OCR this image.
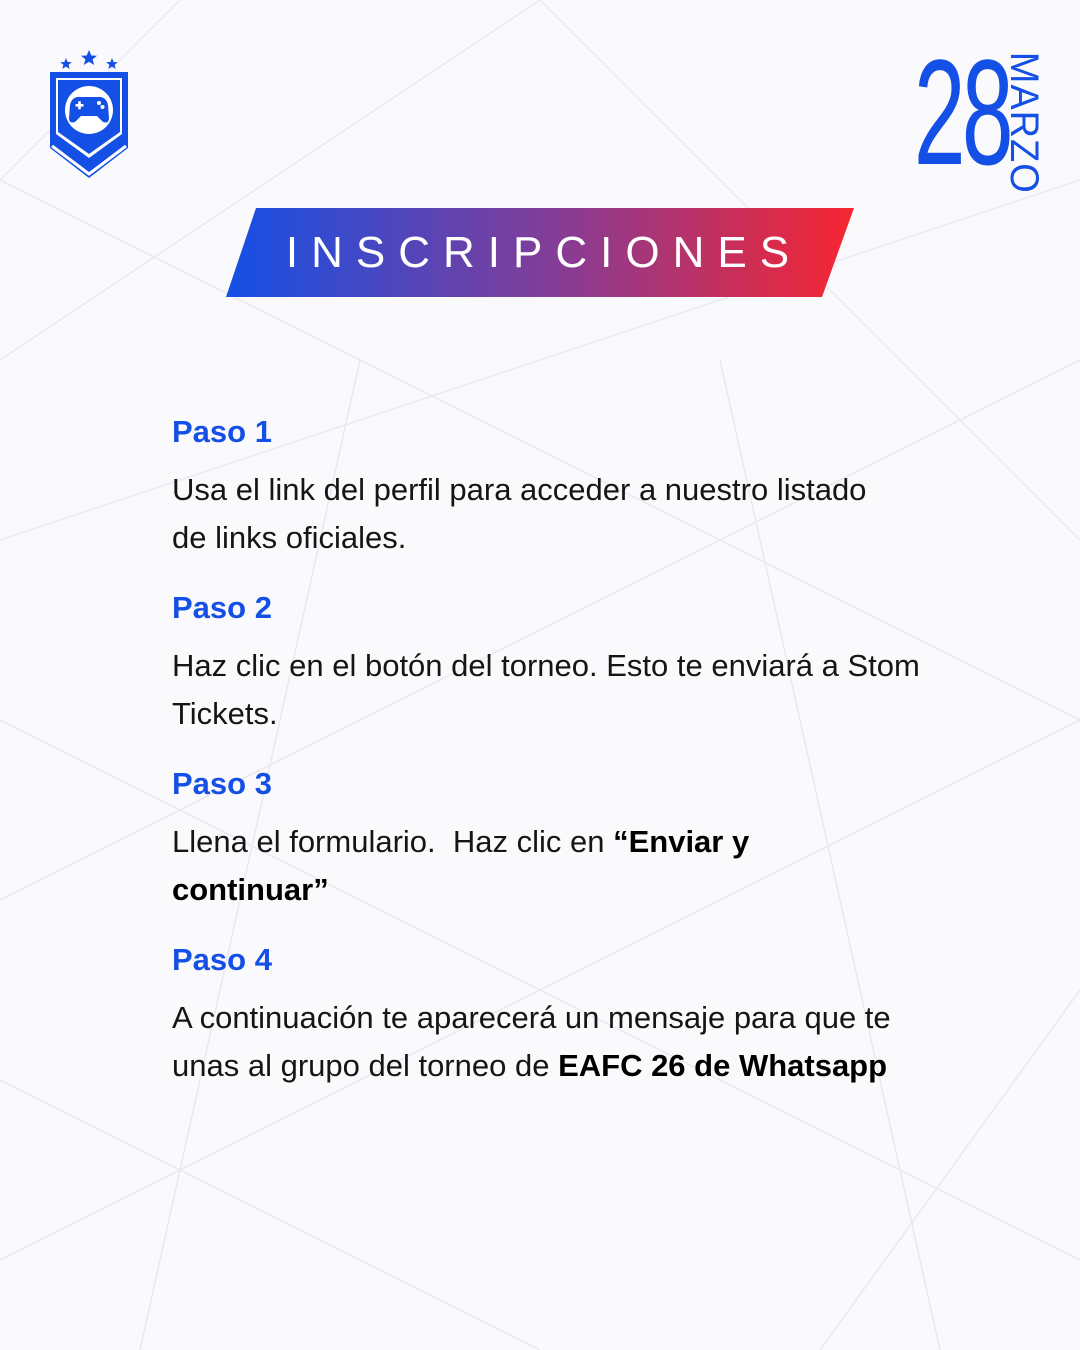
28
MARZO
INSCRIPCIONES

Paso 1

Usa el link del perfil para acceder a nuestro listado de links oficiales.

Paso 2

Haz clic en el botón del torneo. Esto te enviará a Stom Tickets.

Paso 3

Llena el formulario.  Haz clic en “Enviar y continuar”

Paso 4

A continuación te aparecerá un mensaje para que te unas al grupo del torneo de EAFC 26 de Whatsapp
